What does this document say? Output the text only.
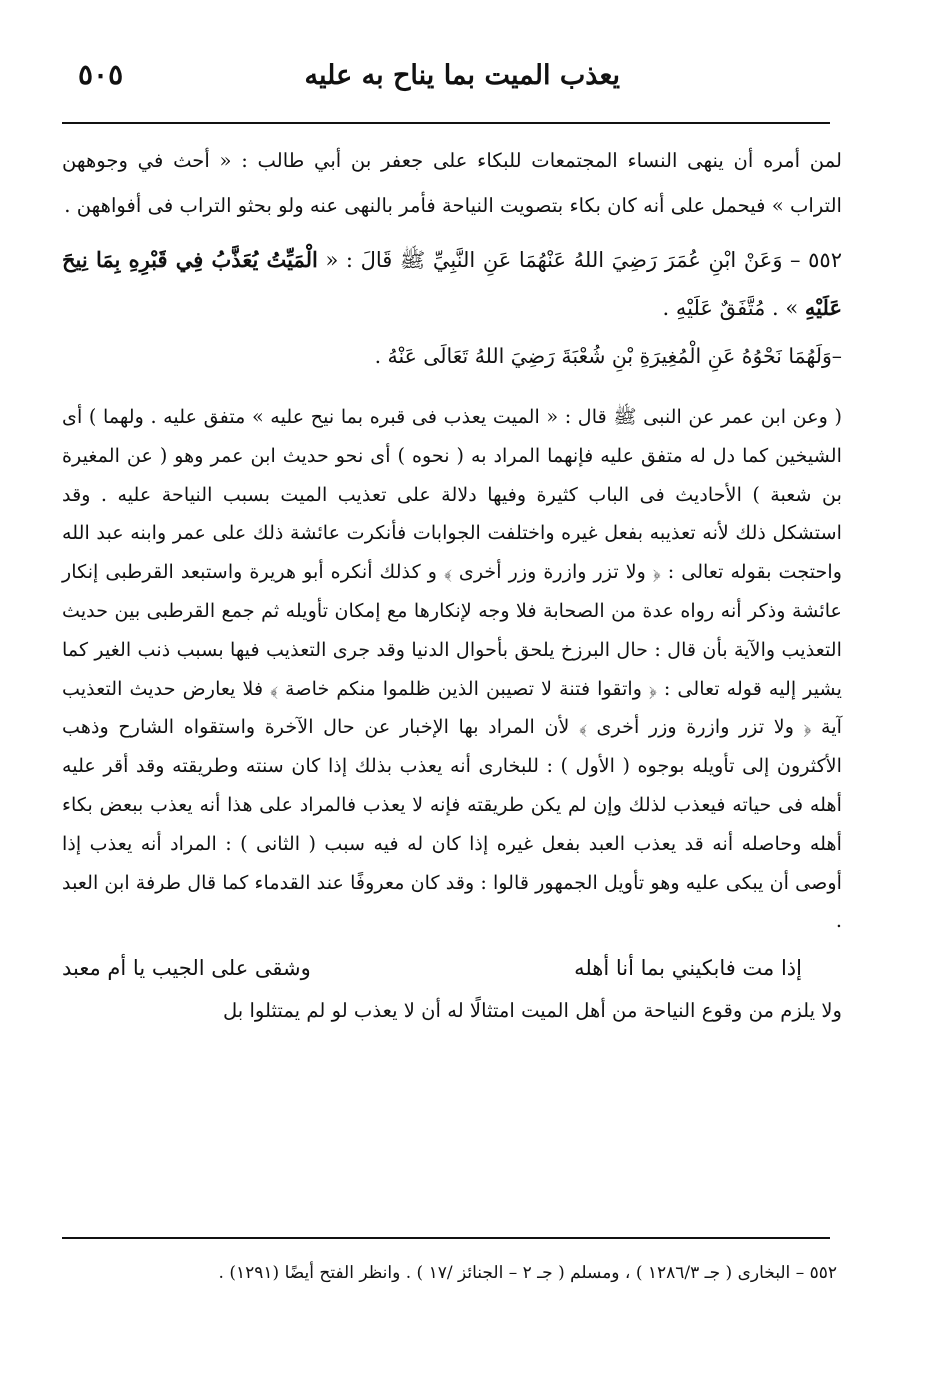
يعذب الميت بما يناح به عليه
٥٠٥

لمن أمره أن ينهى النساء المجتمعات للبكاء على جعفر بن أبي طالب : « أحث في وجوههن التراب » فيحمل على أنه كان بكاء بتصويت النياحة فأمر بالنهى عنه ولو بحثو التراب فى أفواههن .

٥٥٢ – وَعَنْ ابْنِ عُمَرَ رَضِيَ اللهُ عَنْهُمَا عَنِ النَّبِيِّ ﷺ قَالَ : « الْمَيِّتُ يُعَذَّبُ فِي قَبْرِهِ بِمَا نِيحَ عَلَيْهِ » . مُتَّفَقٌ عَلَيْهِ .

–وَلَهُمَا نَحْوُهُ عَنِ الْمُغِيرَةِ بْنِ شُعْبَةَ رَضِيَ اللهُ تَعَالَى عَنْهُ .

( وعن ابن عمر عن النبى ﷺ قال : « الميت يعذب فى قبره بما نيح عليه » متفق عليه . ولهما ) أى الشيخين كما دل له متفق عليه فإنهما المراد به ( نحوه ) أى نحو حديث ابن عمر وهو ( عن المغيرة بن شعبة ) الأحاديث فى الباب كثيرة وفيها دلالة على تعذيب الميت بسبب النياحة عليه . وقد استشكل ذلك لأنه تعذيبه بفعل غيره واختلفت الجوابات فأنكرت عائشة ذلك على عمر وابنه عبد الله واحتجت بقوله تعالى : ﴿ ولا تزر وازرة وزر أخرى ﴾ و كذلك أنكره أبو هريرة واستبعد القرطبى إنكار عائشة وذكر أنه رواه عدة من الصحابة فلا وجه لإنكارها مع إمكان تأويله ثم جمع القرطبى بين حديث التعذيب والآية بأن قال : حال البرزخ يلحق بأحوال الدنيا وقد جرى التعذيب فيها بسبب ذنب الغير كما يشير إليه قوله تعالى : ﴿ واتقوا فتنة لا تصيبن الذين ظلموا منكم خاصة ﴾ فلا يعارض حديث التعذيب آية ﴿ ولا تزر وازرة وزر أخرى ﴾ لأن المراد بها الإخبار عن حال الآخرة واستقواه الشارح وذهب الأكثرون إلى تأويله بوجوه ( الأول ) : للبخارى أنه يعذب بذلك إذا كان سنته وطريقته وقد أقر عليه أهله فى حياته فيعذب لذلك وإن لم يكن طريقته فإنه لا يعذب فالمراد على هذا أنه يعذب ببعض بكاء أهله وحاصله أنه قد يعذب العبد بفعل غيره إذا كان له فيه سبب ( الثانى ) : المراد أنه يعذب إذا أوصى أن يبكى عليه وهو تأويل الجمهور قالوا : وقد كان معروفًا عند القدماء كما قال طرفة ابن العبد .

إذا مت فابكيني بما أنا أهله
وشقى على الجيب يا أم معبد

ولا يلزم من وقوع النياحة من أهل الميت امتثالًا له أن لا يعذب لو لم يمتثلوا بل

٥٥٢ – البخارى ( جـ ١٢٨٦/٣ ) ، ومسلم ( جـ ٢ – الجنائز /١٧ ) . وانظر الفتح أيضًا (١٢٩١) .
